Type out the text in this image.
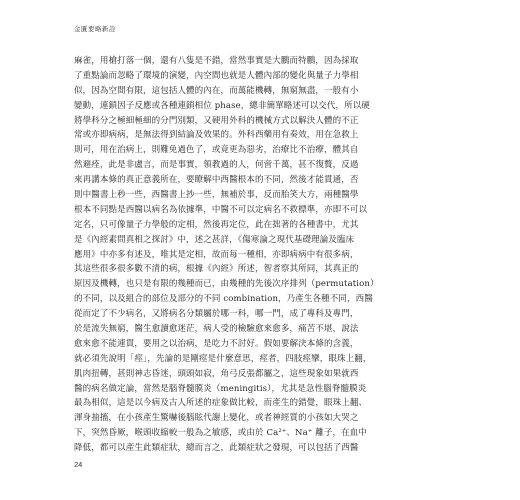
金匱要略新詮
麻雀，用槍打落一個，還有八隻是不錯，當然事實是大鵬而特鵬，因為採取
了重點論而忽略了環境的演變，內空間也就是人體內部的變化與量子力學相
似，因為空間有限，這包括人體的內在，而萬能機轉，無窮無盡，一般有小
變動，連鎖因子反應或各種連鎖相位 phase，總非簡單略述可以交代，所以硬
將學科分之極細極細的分門別類，又硬用外科的機械方式以解決人體的不正
常或亦即病病，是無法得到結論及效果的。外科西藥用有奏效，用在急救上
則可，用在治病上，則難免過色了，或竟更為惡劣，治療比不治療，體其自
然避痊，此是非盧言，而是事實，領教過的人，何啻千萬，甚不復贅，反過
來再講本條的真正意義所在，要瞭解中西醫根本的不同，然後才能貫通，否
則中醫書上秒一些，西醫書上抄一些，無補於事，反而胎笑大方，兩種醫學
根本不同點是西醫以病名為依據準，中醫不可以定病名不救標準，亦即不可以
定名，只可像量子力學般的定相，然後再定位，此在拙著的各種書中，尤其
是《內經素問真相之探討》中，述之甚詳，《傷寒論之現代基礎理論及臨床
應用》中亦多有述及，唯其是定相，故而每一種相，亦即病病中有很多病，
其這些很多很多數不清的病，根據《內經》所述，智者察其所同，其真正的
原因及機轉，也只是有限的幾種而已，由幾種的先後次序排列（permutation）
的不同，以及組合的部位及部分的不同 combination，乃產生各種不同，西醫
從而定了不少病名，又將病名分類屬於哪一科，哪一門，成了專科及專門，
於是流失無窮，醫生愈讀愈迷茫，病人受的檢驗愈來愈多，痛苦不堪，說法
愈來愈不能連貫，要用之以治病，是吃力不討好。假如要解決本條的含義，
就必須先說明「痙」，先論的是剛痙是什麼意思，痙者，四肢痙攣，眼珠上翻，
肌肉扭轉，甚則神志昏迷，頭頭如寂，角弓反張都屬之，這些現象如果就西
醫的病名做定論，當然是腦脊髓膜炎（meningitis），尤其是急性腦脊髓膜炎
最為相似，這是以今病及古人所述的症象做比較，而產生的錯覺，眼珠上翻、
渾身抽搐，在小孩產生驚嚇後腦眩代謝上變化，或者神經質的小孩如大哭之
下，突然昏厥，喉頭收縮較一般為之敏感，或由於 Ca²⁺、Na⁺ 離子，在血中
降低，都可以產生此類症狀，總而言之，此類症狀之發現，可以包括了西醫
24
